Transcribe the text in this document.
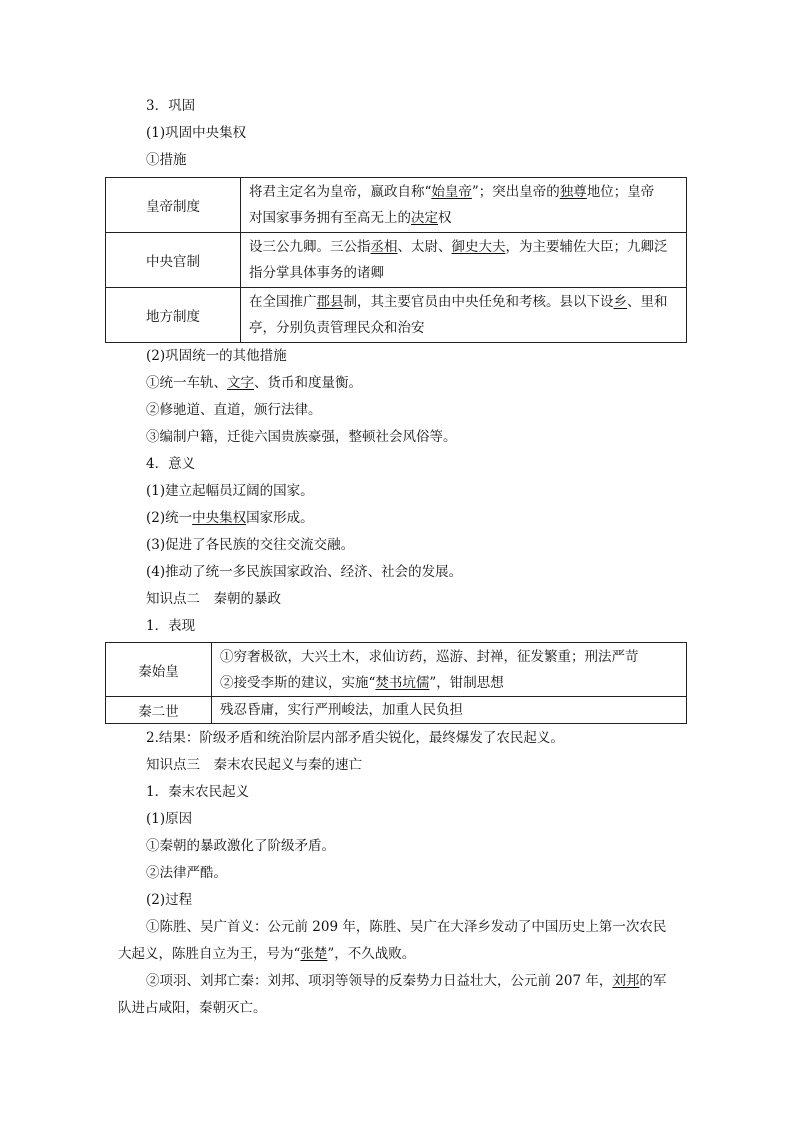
3．巩固
(1)巩固中央集权
①措施
皇帝制度	将君主定名为皇帝，嬴政自称“始皇帝”；突出皇帝的独尊地位；皇帝
对国家事务拥有至高无上的决定权

中央官制	设三公九卿。三公指丞相、太尉、御史大夫，为主要辅佐大臣；九卿泛
指分掌具体事务的诸卿

地方制度	在全国推广郡县制，其主要官员由中央任免和考核。县以下设乡、里和
亭，分别负责管理民众和治安
(2)巩固统一的其他措施
①统一车轨、文字、货币和度量衡。
②修驰道、直道，颁行法律。
③编制户籍，迁徙六国贵族豪强，整顿社会风俗等。
4．意义
(1)建立起幅员辽阔的国家。
(2)统一中央集权国家形成。
(3)促进了各民族的交往交流交融。
(4)推动了统一多民族国家政治、经济、社会的发展。
知识点二　秦朝的暴政
1．表现
秦始皇	①穷奢极欲，大兴土木，求仙访药，巡游、封禅，征发繁重；刑法严苛
②接受李斯的建议，实施“焚书坑儒”，钳制思想

秦二世	残忍昏庸，实行严刑峻法，加重人民负担
2.结果：阶级矛盾和统治阶层内部矛盾尖锐化，最终爆发了农民起义。
知识点三　秦末农民起义与秦的速亡
1．秦末农民起义
(1)原因
①秦朝的暴政激化了阶级矛盾。
②法律严酷。
(2)过程
①陈胜、吴广首义：公元前 209 年，陈胜、吴广在大泽乡发动了中国历史上第一次农民
大起义，陈胜自立为王，号为“张楚”，不久战败。
②项羽、刘邦亡秦：刘邦、项羽等领导的反秦势力日益壮大，公元前 207 年，刘邦的军
队进占咸阳，秦朝灭亡。
